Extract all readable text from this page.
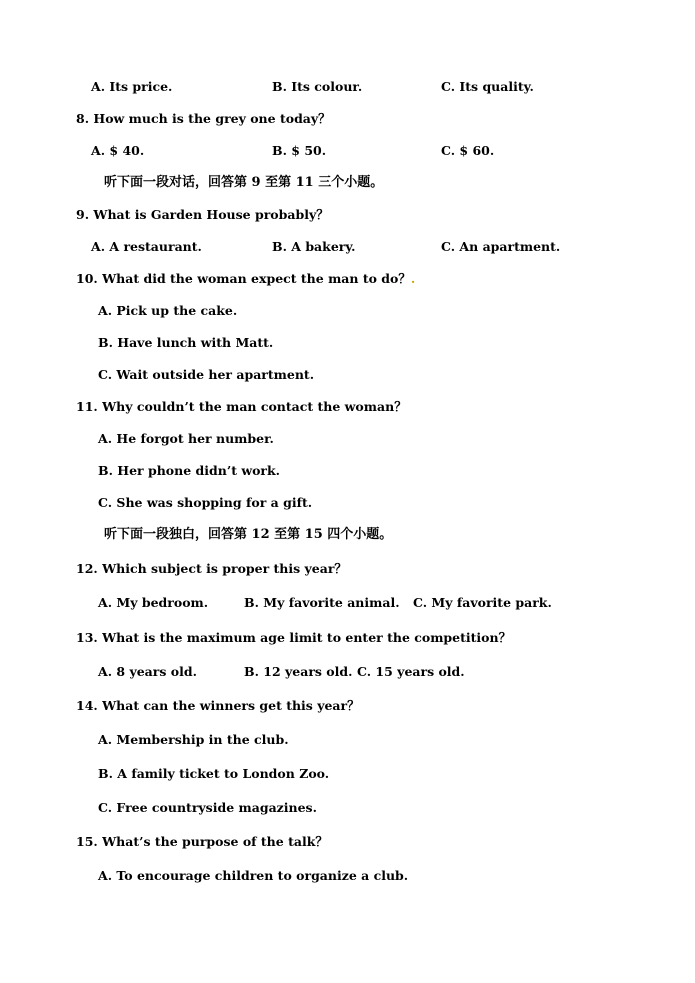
A. Its price.	B. Its colour.	C. Its quality.
8. How much is the grey one today？
A. $ 40.	B. $ 50.	C. $ 60.
听下面一段对话，回答第 9 至第 11 三个小题。
9. What is Garden House probably？
A. A restaurant.	B. A bakery.	C. An apartment.
10. What did the woman expect the man to do？.
A. Pick up the cake.
B. Have lunch with Matt.
C. Wait outside her apartment.
11. Why couldn’t the man contact the woman？
A. He forgot her number.
B. Her phone didn’t work.
C. She was shopping for a gift.
听下面一段独白，回答第 12 至第 15 四个小题。
12. Which subject is proper this year？
A. My bedroom.	B. My favorite animal. C. My favorite park.
13. What is the maximum age limit to enter the competition？
A. 8 years old.	B. 12 years old. C. 15 years old.
14. What can the winners get this year？
A. Membership in the club.
B. A family ticket to London Zoo.
C. Free countryside magazines.
15. What’s the purpose of the talk？
A. To encourage children to organize a club.
